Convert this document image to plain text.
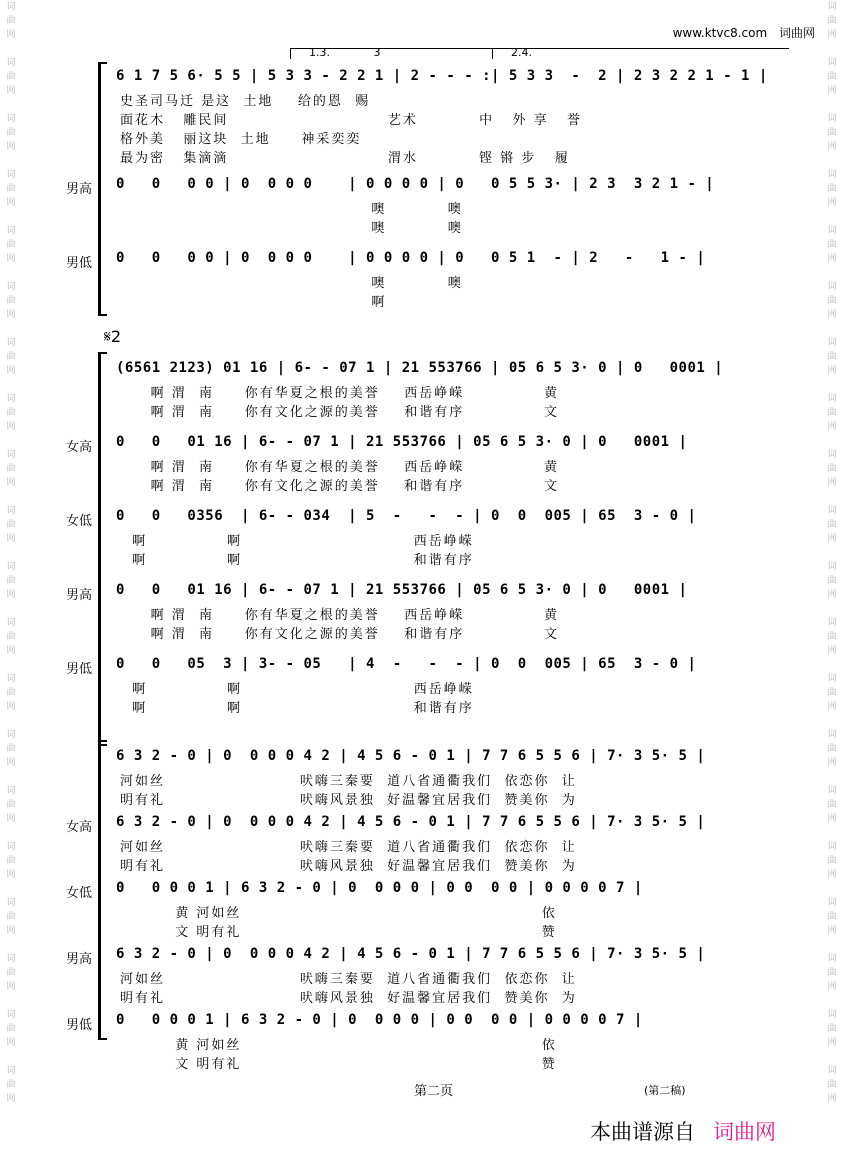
词
曲
网

词
曲
网

词
曲
网

词
曲
网

词
曲
网

词
曲
网

词
曲
网

词
曲
网

词
曲
网

词
曲
网

词
曲
网

词
曲
网

词
曲
网

词
曲
网

词
曲
网

词
曲
网

词
曲
网

词
曲
网

词
曲
网

词
曲
网
词
曲
网

词
曲
网

词
曲
网

词
曲
网

词
曲
网

词
曲
网

词
曲
网

词
曲
网

词
曲
网

词
曲
网

词
曲
网

词
曲
网

词
曲
网

词
曲
网

词
曲
网

词
曲
网

词
曲
网

词
曲
网

词
曲
网

词
曲
网
www.ktvc8.com 词曲网
1.3.	3	2.4.
6 1 7 5 6· 5 5 | 5 3 3 - 2 2 1 | 2 - - - :| 5 3 3  -  2 | 2 3 2 2 1 - 1 |
史圣司马迁 是这  土地    给的恩  赐
面花木   雕民间                          艺术          中   外 享   誉
格外美   丽这块  土地     神采奕奕
最为密   集滴滴                          渭水          铿 锵 步   履
男高 0   0   0 0 | 0  0 0 0    | 0 0 0 0 | 0   0 5 5 3· | 2 3  3 2 1 - |
噢          噢
噢          噢
男低 0   0   0 0 | 0  0 0 0    | 0 0 0 0 | 0   0 5 1  - | 2   -   1 - |
噢          噢
啊
𝄋2
(6561 2123) 01 16 | 6- - 07 1 | 21 553766 | 05 6 5 3· 0 | 0   0001 |
啊 渭  南     你有华夏之根的美誉    西岳峥嵘             黄
啊 渭  南     你有文化之源的美誉    和谐有序             文
女高 0   0   01 16 | 6- - 07 1 | 21 553766 | 05 6 5 3· 0 | 0   0001 |
啊 渭  南     你有华夏之根的美誉    西岳峥嵘             黄
啊 渭  南     你有文化之源的美誉    和谐有序             文
女低 0   0   0356  | 6- - 034  | 5  -   -  - | 0  0  005 | 65  3 - 0 |
啊             啊                            西岳峥嵘
啊             啊                            和谐有序
男高 0   0   01 16 | 6- - 07 1 | 21 553766 | 05 6 5 3· 0 | 0   0001 |
啊 渭  南     你有华夏之根的美誉    西岳峥嵘             黄
啊 渭  南     你有文化之源的美誉    和谐有序             文
男低 0   0   05  3 | 3- - 05   | 4  -   -  - | 0  0  005 | 65  3 - 0 |
啊             啊                            西岳峥嵘
啊             啊                            和谐有序
6 3 2 - 0 | 0  0 0 0 4 2 | 4 5 6 - 0 1 | 7 7 6 5 5 6 | 7· 3 5· 5 |
河如丝                      吠嗨三秦要  道八省通衢我们  依恋你  让
明有礼                      吠嗨风景独  好温馨宜居我们  赞美你  为
女高 6 3 2 - 0 | 0  0 0 0 4 2 | 4 5 6 - 0 1 | 7 7 6 5 5 6 | 7· 3 5· 5 |
河如丝                      吠嗨三秦要  道八省通衢我们  依恋你  让
明有礼                      吠嗨风景独  好温馨宜居我们  赞美你  为
女低 0   0 0 0 1 | 6 3 2 - 0 | 0  0 0 0 | 0 0  0 0 | 0 0 0 0 7 |
黄 河如丝                                                 依
文 明有礼                                                 赞
男高 6 3 2 - 0 | 0  0 0 0 4 2 | 4 5 6 - 0 1 | 7 7 6 5 5 6 | 7· 3 5· 5 |
河如丝                      吠嗨三秦要  道八省通衢我们  依恋你  让
明有礼                      吠嗨风景独  好温馨宜居我们  赞美你  为
男低 0   0 0 0 1 | 6 3 2 - 0 | 0  0 0 0 | 0 0  0 0 | 0 0 0 0 7 |
黄 河如丝                                                 依
文 明有礼                                                 赞
第二页	(第二稿)
本曲谱源自 词曲网
